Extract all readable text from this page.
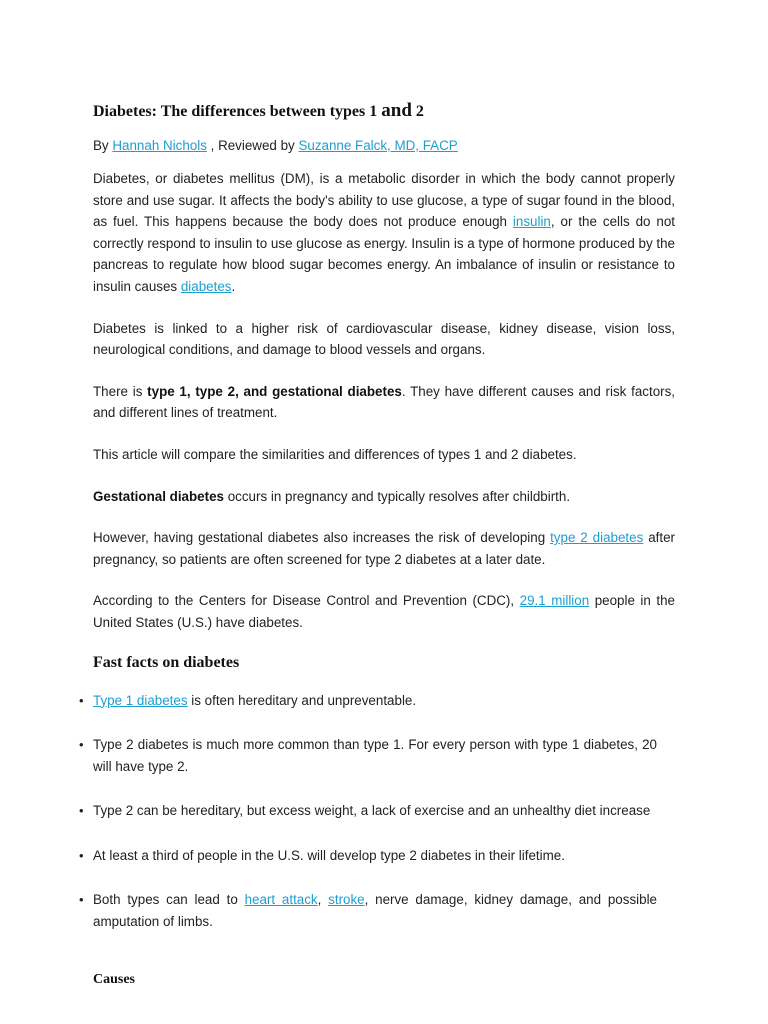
Diabetes: The differences between types 1 and 2
By Hannah Nichols , Reviewed by Suzanne Falck, MD, FACP

Diabetes, or diabetes mellitus (DM), is a metabolic disorder in which the body cannot properly store and use sugar. It affects the body's ability to use glucose, a type of sugar found in the blood, as fuel. This happens because the body does not produce enough insulin, or the cells do not correctly respond to insulin to use glucose as energy. Insulin is a type of hormone produced by the pancreas to regulate how blood sugar becomes energy. An imbalance of insulin or resistance to insulin causes diabetes.

Diabetes is linked to a higher risk of cardiovascular disease, kidney disease, vision loss, neurological conditions, and damage to blood vessels and organs.

There is type 1, type 2, and gestational diabetes. They have different causes and risk factors, and different lines of treatment.

This article will compare the similarities and differences of types 1 and 2 diabetes.

Gestational diabetes occurs in pregnancy and typically resolves after childbirth.

However, having gestational diabetes also increases the risk of developing type 2 diabetes after pregnancy, so patients are often screened for type 2 diabetes at a later date.

According to the Centers for Disease Control and Prevention (CDC), 29.1 million people in the United States (U.S.) have diabetes.

Fast facts on diabetes
• Type 1 diabetes is often hereditary and unpreventable.
• Type 2 diabetes is much more common than type 1. For every person with type 1 diabetes, 20 will have type 2.
• Type 2 can be hereditary, but excess weight, a lack of exercise and an unhealthy diet increase
• At least a third of people in the U.S. will develop type 2 diabetes in their lifetime.
• Both types can lead to heart attack, stroke, nerve damage, kidney damage, and possible amputation of limbs.
Causes
